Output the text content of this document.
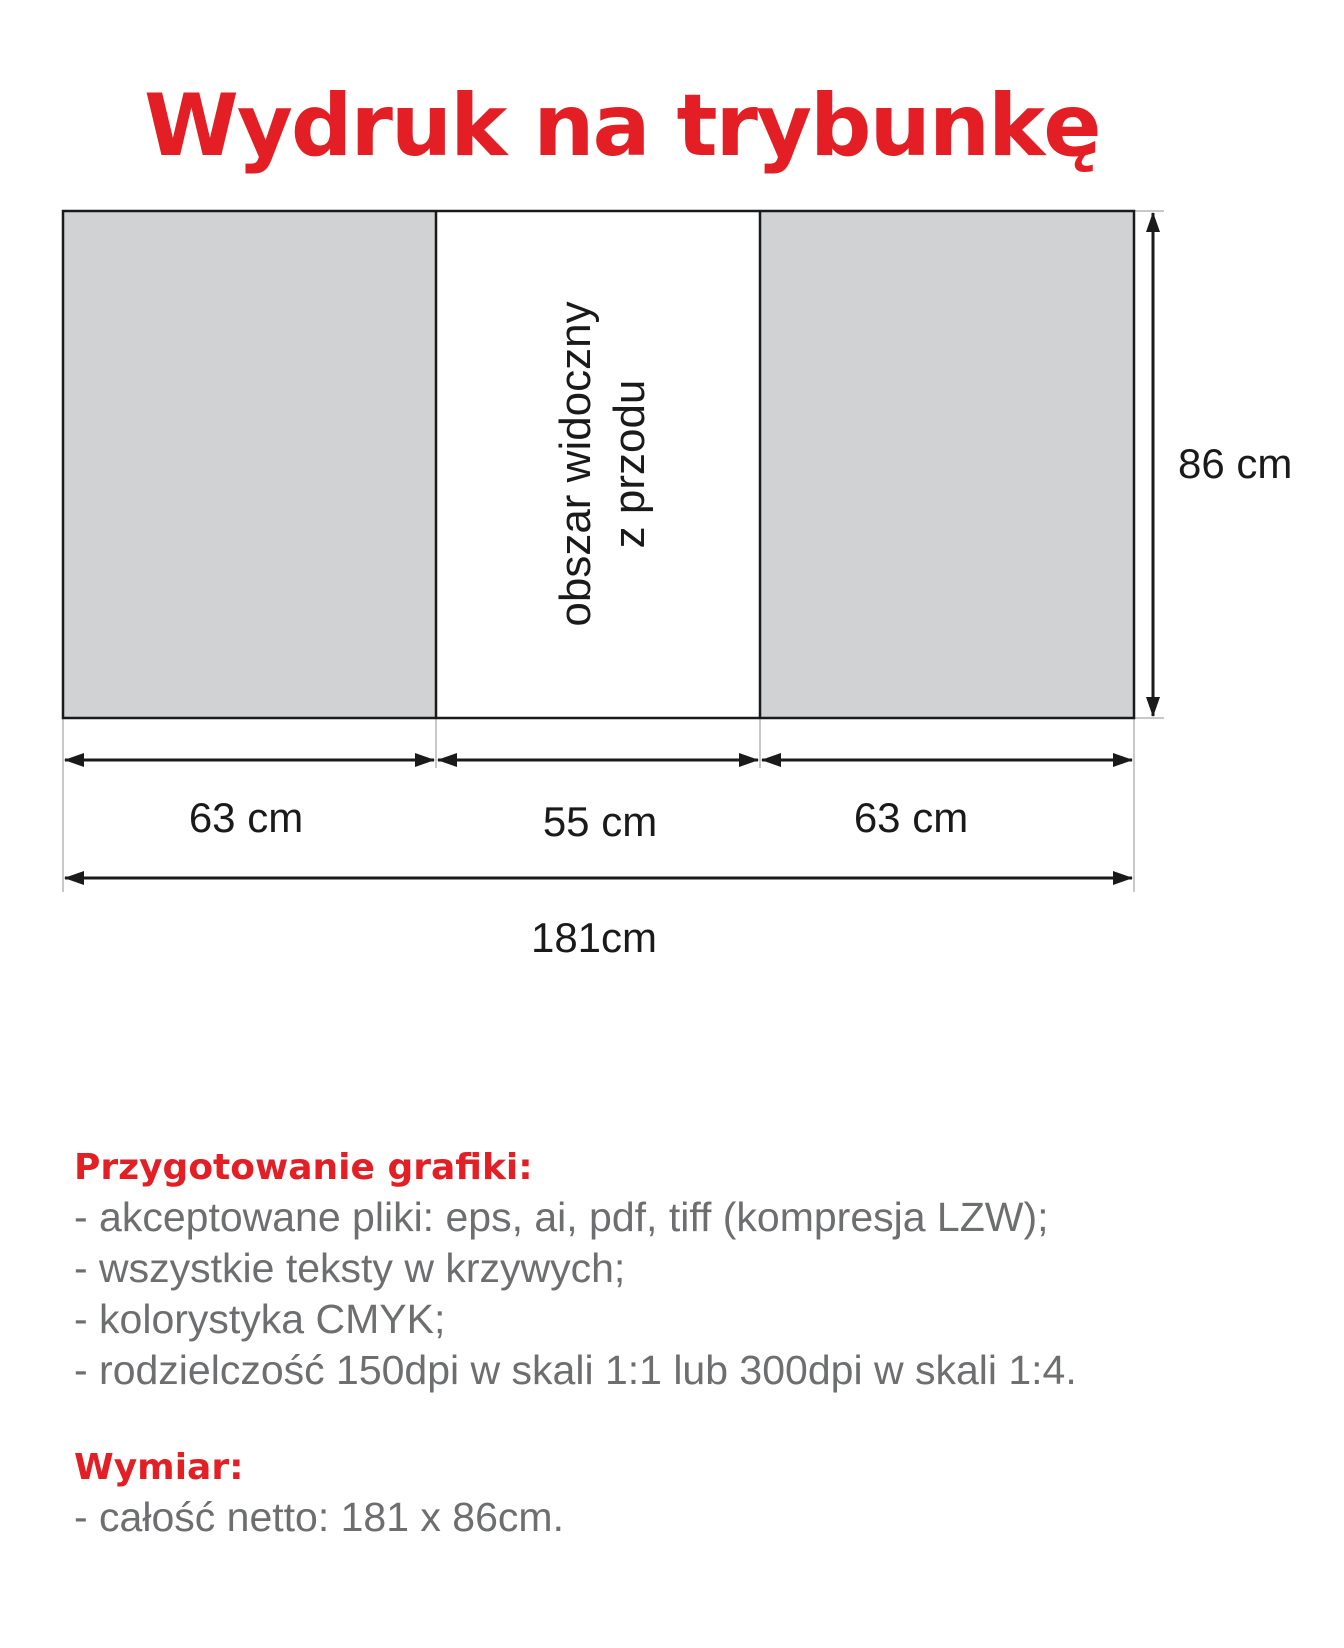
Wydruk na trybunkę
obszar widoczny z przodu	86 cm
63 cm	55 cm	63 cm
181cm
Przygotowanie grafiki:
- akceptowane pliki: eps, ai, pdf, tiff (kompresja LZW);
- wszystkie teksty w krzywych;
- kolorystyka CMYK;
- rodzielczość 150dpi w skali 1:1 lub 300dpi w skali 1:4.
Wymiar:
- całość netto: 181 x 86cm.
